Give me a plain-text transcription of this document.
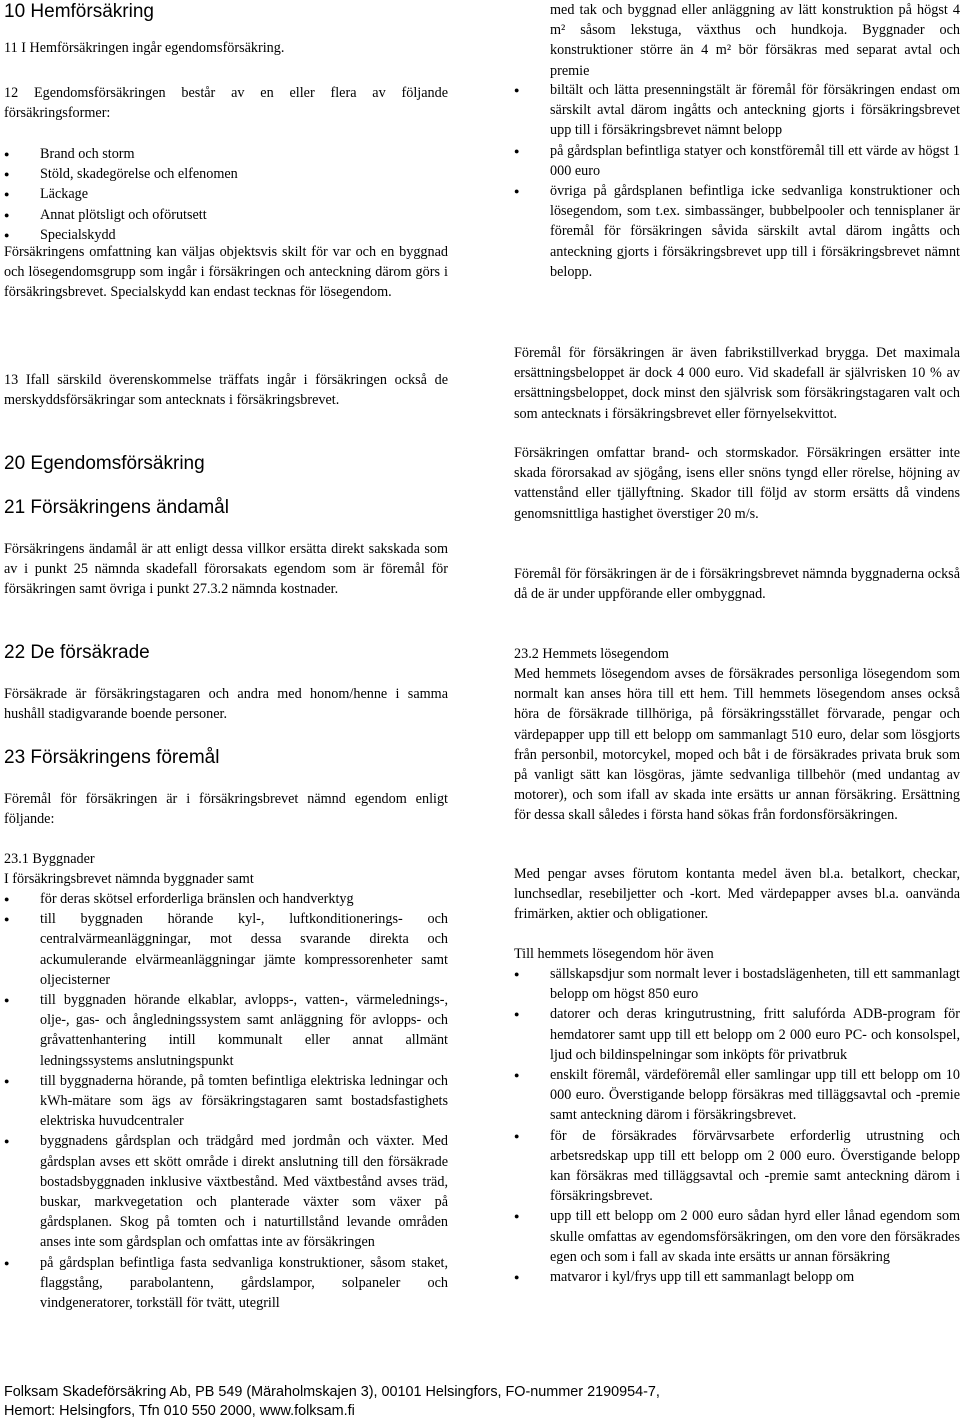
10 Hemförsäkring

11 I Hemförsäkringen ingår egendomsförsäkring.

12 Egendomsförsäkringen består av en eller flera av följande försäkringsformer:

● Brand och storm
● Stöld, skadegörelse och elfenomen
● Läckage
● Annat plötsligt och oförutsett
● Specialskydd

Försäkringens omfattning kan väljas objektsvis skilt för var och en byggnad och lösegendomsgrupp som ingår i försäkringen och anteckning därom görs i försäkringsbrevet. Specialskydd kan endast tecknas för lösegendom.

13 Ifall särskild överenskommelse träffats ingår i försäkringen också de merskyddsförsäkringar som antecknats i försäkringsbrevet.

20 Egendomsförsäkring
21 Försäkringens ändamål

Försäkringens ändamål är att enligt dessa villkor ersätta direkt sakskada som av i punkt 25 nämnda skadefall förorsakats egendom som är föremål för försäkringen samt övriga i punkt 27.3.2 nämnda kostnader.

22 De försäkrade

Försäkrade är försäkringstagaren och andra med honom/henne i samma hushåll stadigvarande boende personer.

23 Försäkringens föremål

Föremål för försäkringen är i försäkringsbrevet nämnd egendom enligt följande:

23.1 Byggnader

I försäkringsbrevet nämnda byggnader samt

● för deras skötsel erforderliga bränslen och handverktyg
● till byggnaden hörande kyl-, luftkonditionerings- och centralvärmeanläggningar, mot dessa svarande direkta och ackumulerande elvärmeanläggningar jämte kompressorenheter samt oljecisterner
● till byggnaden hörande elkablar, avlopps-, vatten-, värmelednings-, olje-, gas- och ångledningssystem samt anläggning för avlopps- och gråvattenhantering intill kommunalt eller annat allmänt ledningssystems anslutningspunkt
● till byggnaderna hörande, på tomten befintliga elektriska ledningar och kWh-mätare som ägs av försäkringstagaren samt bostadsfastighets elektriska huvudcentraler
● byggnadens gårdsplan och trädgård med jordmån och växter. Med gårdsplan avses ett skött område i direkt anslutning till den försäkrade bostadsbyggnaden inklusive växtbestånd. Med växtbestånd avses träd, buskar, markvegetation och planterade växter som växer på gårdsplanen. Skog på tomten och i naturtillstånd levande områden anses inte som gårdsplan och omfattas inte av försäkringen
● på gårdsplan befintliga fasta sedvanliga konstruktioner, såsom staket, flaggstång, parabolantenn, gårdslampor, solpaneler och vindgeneratorer, torkställ för tvätt, utegrill

med tak och byggnad eller anläggning av lätt konstruktion på högst 4 m² såsom lekstuga, växthus och hundkoja. Byggnader och konstruktioner större än 4 m² bör försäkras med separat avtal och premie

● biltält och lätta presenningstält är föremål för försäkringen endast om särskilt avtal därom ingåtts och anteckning gjorts i försäkringsbrevet upp till i försäkringsbrevet nämnt belopp
● på gårdsplan befintliga statyer och konstföremål till ett värde av högst 1 000 euro
● övriga på gårdsplanen befintliga icke sedvanliga konstruktioner och lösegendom, som t.ex. simbassänger, bubbelpooler och tennisplaner är föremål för försäkringen såvida särskilt avtal därom ingåtts och anteckning gjorts i försäkringsbrevet upp till i försäkringsbrevet nämnt belopp.

Föremål för försäkringen är även fabrikstillverkad brygga. Det maximala ersättningsbeloppet är dock 4 000 euro. Vid skadefall är självrisken 10 % av ersättningsbeloppet, dock minst den självrisk som försäkringstagaren valt och som antecknats i försäkringsbrevet eller förnyelsekvittot.

Försäkringen omfattar brand- och stormskador. Försäkringen ersätter inte skada förorsakad av sjögång, isens eller snöns tyngd eller rörelse, höjning av vattenstånd eller tjällyftning. Skador till följd av storm ersätts då vindens genomsnittliga hastighet överstiger 20 m/s.

Föremål för försäkringen är de i försäkringsbrevet nämnda byggnaderna också då de är under uppförande eller ombyggnad.

23.2 Hemmets lösegendom

Med hemmets lösegendom avses de försäkrades personliga lösegendom som normalt kan anses höra till ett hem. Till hemmets lösegendom anses också höra de försäkrade tillhöriga, på försäkringsstället förvarade, pengar och värdepapper upp till ett belopp om sammanlagt 510 euro, delar som lösgjorts från personbil, motorcykel, moped och båt i de försäkrades privata bruk som på vanligt sätt kan lösgöras, jämte sedvanliga tillbehör (med undantag av motorer), och som ifall av skada inte ersätts ur annan försäkring. Ersättning för dessa skall således i första hand sökas från fordonsförsäkringen.

Med pengar avses förutom kontanta medel även bl.a. betalkort, checkar, lunchsedlar, resebiljetter och -kort. Med värdepapper avses bl.a. oanvända frimärken, aktier och obligationer.

Till hemmets lösegendom hör även

● sällskapsdjur som normalt lever i bostadslägenheten, till ett sammanlagt belopp om högst 850 euro
● datorer och deras kringutrustning, fritt salufórda ADB-program för hemdatorer samt upp till ett belopp om 2 000 euro PC- och konsolspel, ljud och bildinspelningar som inköpts för privatbruk
● enskilt föremål, värdeföremål eller samlingar upp till ett belopp om 10 000 euro. Överstigande belopp försäkras med tilläggsavtal och -premie samt anteckning därom i försäkringsbrevet.
● för de försäkrades förvärvsarbete erforderlig utrustning och arbetsredskap upp till ett belopp om 2 000 euro. Överstigande belopp kan försäkras med tilläggsavtal och -premie samt anteckning därom i försäkringsbrevet.
● upp till ett belopp om 2 000 euro sådan hyrd eller lånad egendom som skulle omfattas av egendomsförsäkringen, om den vore den försäkrades egen och som i fall av skada inte ersätts ur annan försäkring
● matvaror i kyl/frys upp till ett sammanlagt belopp om
Folksam Skadeförsäkring Ab, PB 549 (Märaholmskajen 3), 00101 Helsingfors, FO-nummer 2190954-7,
Hemort: Helsingfors, Tfn 010 550 2000, www.folksam.fi
